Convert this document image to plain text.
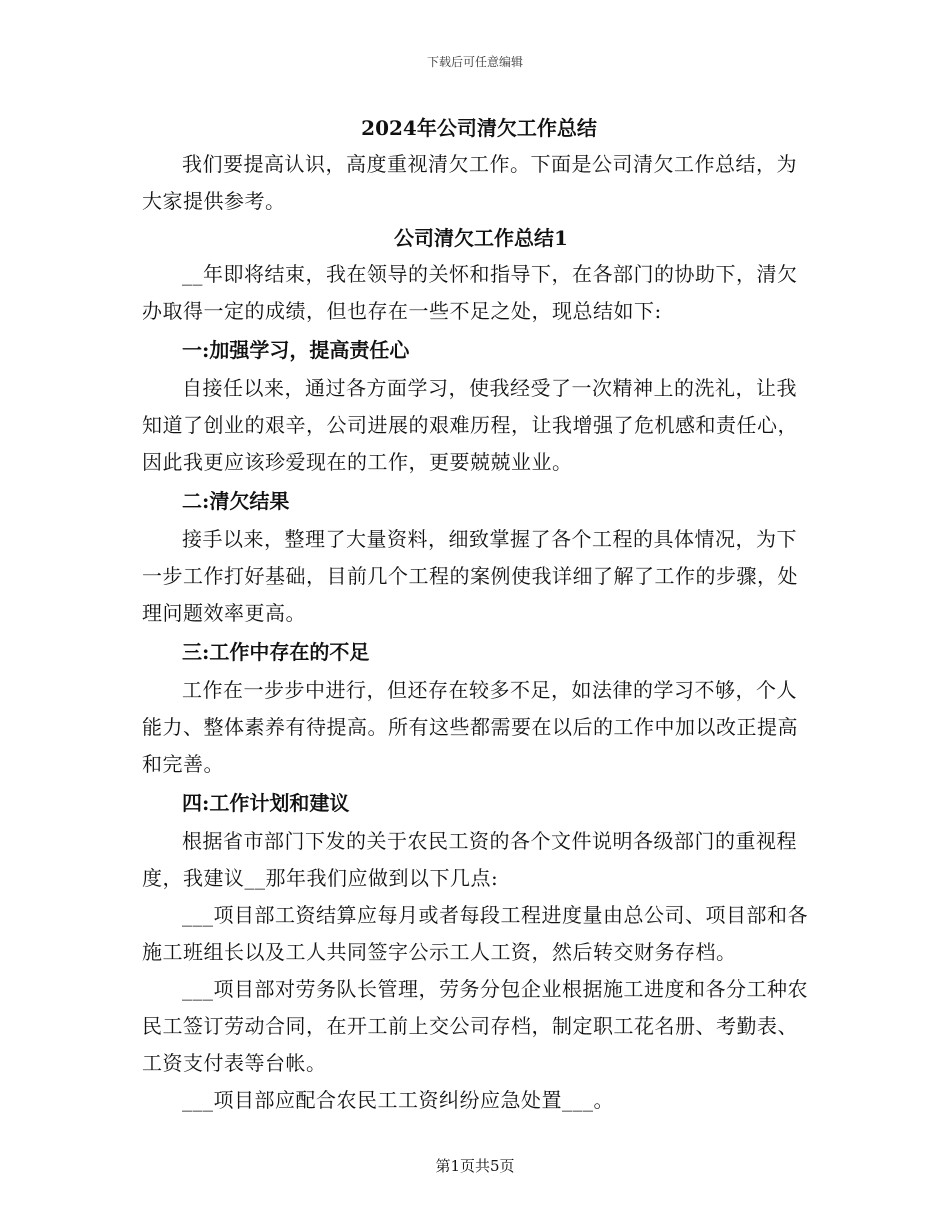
下载后可任意编辑

2024年公司清欠工作总结

我们要提高认识，高度重视清欠工作。下面是公司清欠工作总结，为大家提供参考。

公司清欠工作总结1

__年即将结束，我在领导的关怀和指导下，在各部门的协助下，清欠办取得一定的成绩，但也存在一些不足之处，现总结如下:

一:加强学习，提高责任心

自接任以来，通过各方面学习，使我经受了一次精神上的洗礼，让我知道了创业的艰辛，公司进展的艰难历程，让我增强了危机感和责任心，因此我更应该珍爱现在的工作，更要兢兢业业。

二:清欠结果

接手以来，整理了大量资料，细致掌握了各个工程的具体情况，为下一步工作打好基础，目前几个工程的案例使我详细了解了工作的步骤，处理问题效率更高。

三:工作中存在的不足

工作在一步步中进行，但还存在较多不足，如法律的学习不够，个人能力、整体素养有待提高。所有这些都需要在以后的工作中加以改正提高和完善。

四:工作计划和建议

根据省市部门下发的关于农民工资的各个文件说明各级部门的重视程度，我建议__那年我们应做到以下几点:

___项目部工资结算应每月或者每段工程进度量由总公司、项目部和各施工班组长以及工人共同签字公示工人工资，然后转交财务存档。

___项目部对劳务队长管理，劳务分包企业根据施工进度和各分工种农民工签订劳动合同，在开工前上交公司存档，制定职工花名册、考勤表、工资支付表等台帐。

___项目部应配合农民工工资纠纷应急处置___。

第1页共5页
